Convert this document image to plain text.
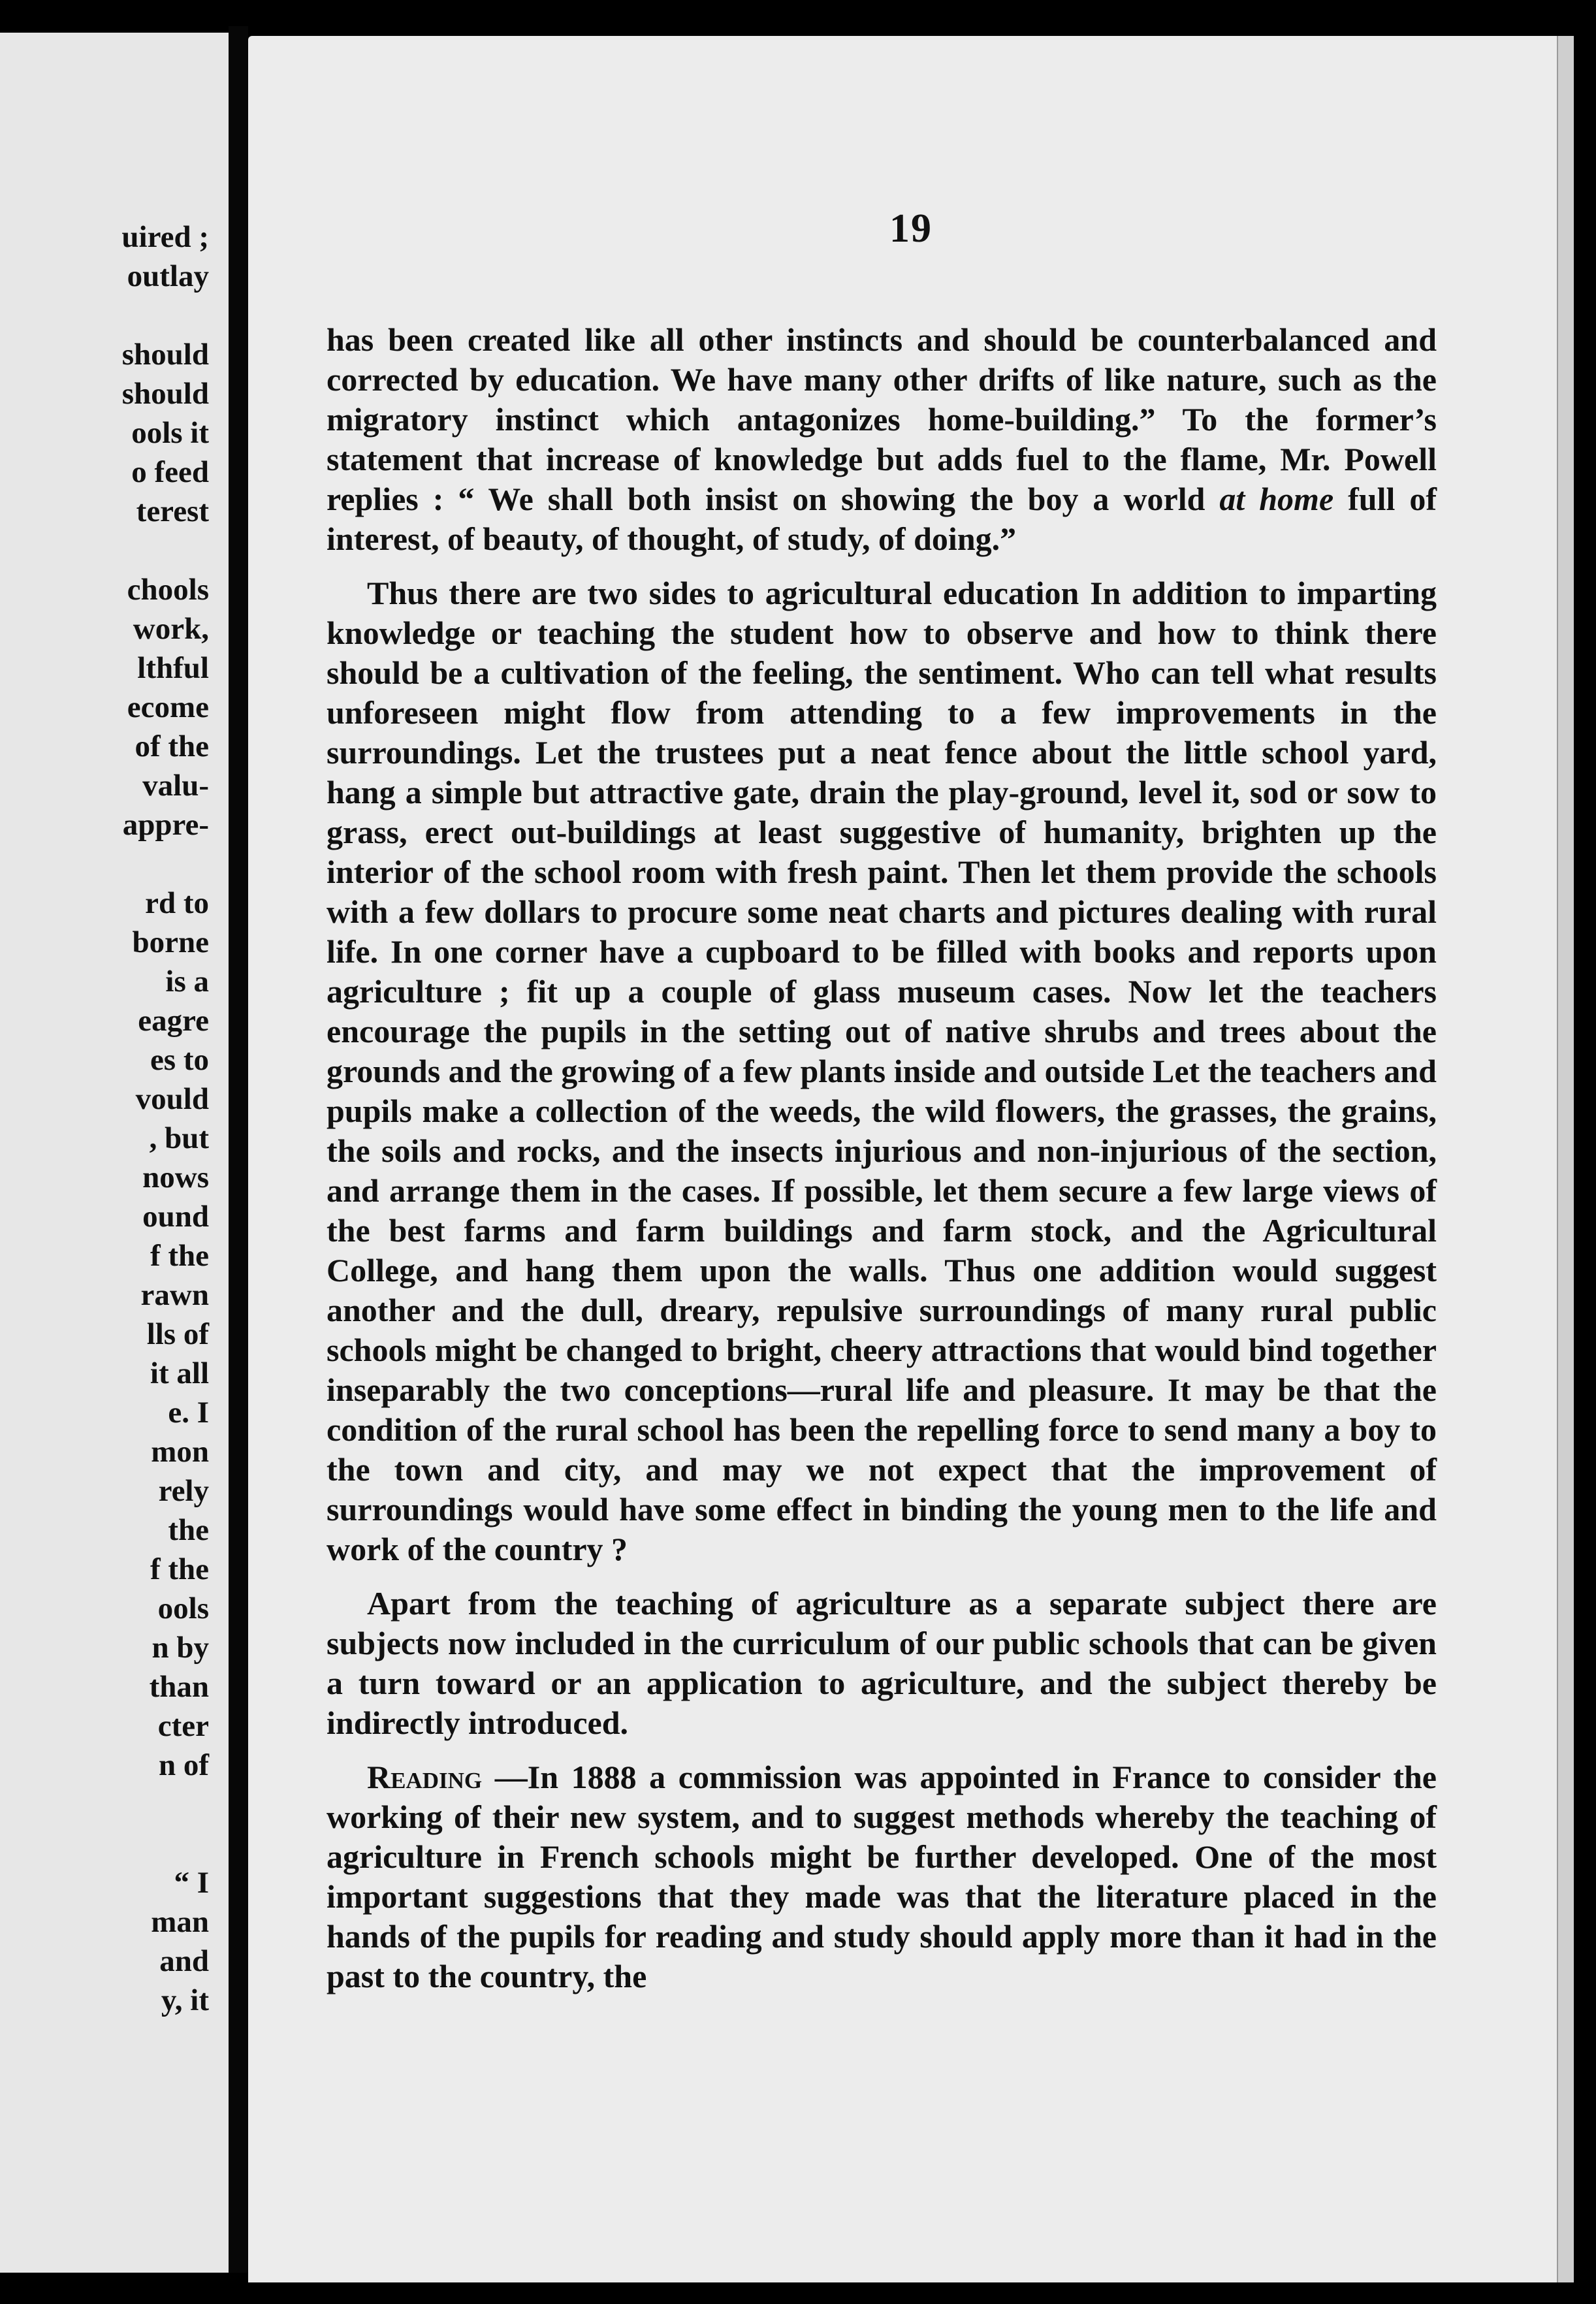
uired ;
outlay
should
should
ools it
o feed
terest
chools
work,
lthful
ecome
of the
valu-
appre-
rd to
borne
is a
eagre
es to
vould
, but
nows
ound
f the
rawn
lls of
it all
e. I
mon
rely
the
f the
ools
n by
than
cter
n of
“ I
man
and
y, it
19

has been created like all other instincts and should be counterbalanced and corrected by education. We have many other drifts of like nature, such as the migratory instinct which antagonizes home-building.” To the former’s statement that increase of knowledge but adds fuel to the flame, Mr. Powell replies : “ We shall both insist on showing the boy a world at home full of interest, of beauty, of thought, of study, of doing.”

Thus there are two sides to agricultural education In addition to imparting knowledge or teaching the student how to observe and how to think there should be a cultivation of the feeling, the sentiment. Who can tell what results unforeseen might flow from attending to a few improvements in the surroundings. Let the trustees put a neat fence about the little school yard, hang a simple but attractive gate, drain the play-ground, level it, sod or sow to grass, erect out-buildings at least suggestive of humanity, brighten up the interior of the school room with fresh paint. Then let them provide the schools with a few dollars to procure some neat charts and pictures dealing with rural life. In one corner have a cupboard to be filled with books and reports upon agriculture ; fit up a couple of glass museum cases. Now let the teachers encourage the pupils in the setting out of native shrubs and trees about the grounds and the growing of a few plants inside and outside Let the teachers and pupils make a collection of the weeds, the wild flowers, the grasses, the grains, the soils and rocks, and the insects injurious and non-injurious of the section, and arrange them in the cases. If possible, let them secure a few large views of the best farms and farm buildings and farm stock, and the Agricultural College, and hang them upon the walls. Thus one addition would suggest another and the dull, dreary, repulsive surroundings of many rural public schools might be changed to bright, cheery attractions that would bind together inseparably the two conceptions—rural life and pleasure. It may be that the condition of the rural school has been the repelling force to send many a boy to the town and city, and may we not expect that the improvement of surroundings would have some effect in binding the young men to the life and work of the country ?

Apart from the teaching of agriculture as a separate subject there are subjects now included in the curriculum of our public schools that can be given a turn toward or an application to agriculture, and the subject thereby be indirectly introduced.

Reading —In 1888 a commission was appointed in France to consider the working of their new system, and to suggest methods whereby the teaching of agriculture in French schools might be further developed. One of the most important suggestions that they made was that the literature placed in the hands of the pupils for reading and study should apply more than it had in the past to the country, the
